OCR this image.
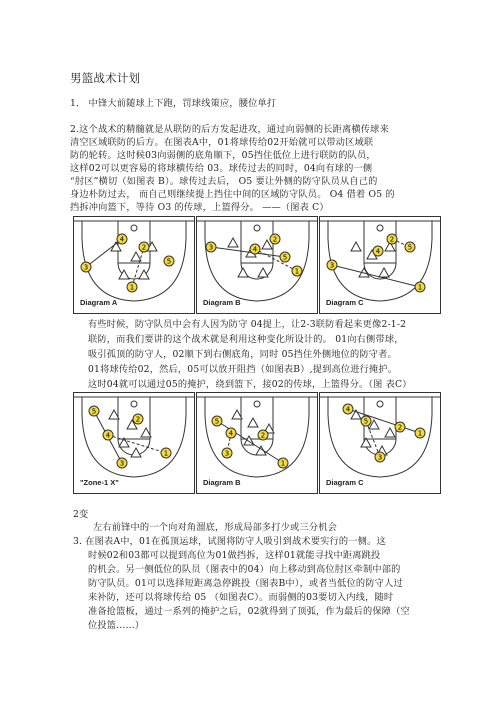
男篮战术计划
1． 中锋大前随球上下跑，罚球线策应，腰位单打
2.这个战术的精髓就是从联防的后方发起进攻，通过向弱侧的长距离横传球来
清空区域联防的后方。在图表A中，01将球传给02开始就可以带动区域联
防的轮转。这时候03向弱侧的底角顺下，05挡住低位上进行联防的队员，
这样02可以更容易的将球横传给 03。球传过去的同时，04向有球的一侧
“肘区”横切（如图表 B）。球传过去后， O5 要让外侧的防守队员从自己的
身边朴防过去， 而自己则继续提上挡住中间的区域防守队员。 O4 借着 O5 的
挡拆冲向篮下，等待 O3 的传球，上篮得分。 ——（图表 C）
3
1
5
2
4
Diagram A
3
1
2
4
5
Diagram B
3
2
4	5
1
Diagram C
有些时候，防守队员中会有人因为防守 04提上，让2-3联防看起来更像2-1-2
联防，而我们要讲的这个战术就是利用这种变化所设计的。 01向右侧带球，
吸引孤顶的防守人，02顺下到右侧底角，同时 05挡住外侧地位的防守者。
01将球传给02，然后，05可以放开阻挡（如图表B）,提到高位进行掩护。
这时04就可以通过05的掩护，绕到篮下，接02的传球，上篮得分。（图 表C）
5
4
2
1
3
"Zone-1 X"
5
4	2
3
1
Diagram B
4
5
2
3
1
Diagram C
2变
左右前锋中的一个向对角溜底，形成局部多打少或三分机会
3. 在图表A中，01在孤顶运球，试图将防守人吸引到战术要实行的一侧。这
时候02和03都可以提到高位为01做挡拆，这样01就能寻找中距离跳投
的机会。另一侧低位的队员（图表中的04）向上移动到高位肘区牵制中部的
防守队员。01可以选择短距离急停跳投（图表B中），或者当低位的防守人过
来补防，还可以将球传给 05 （如图表C）。而弱侧的03要切入内线，随时
准备抢篮板，通过一系列的掩护之后，02就得到了顶弧，作为最后的保障（空
位投篮……）
